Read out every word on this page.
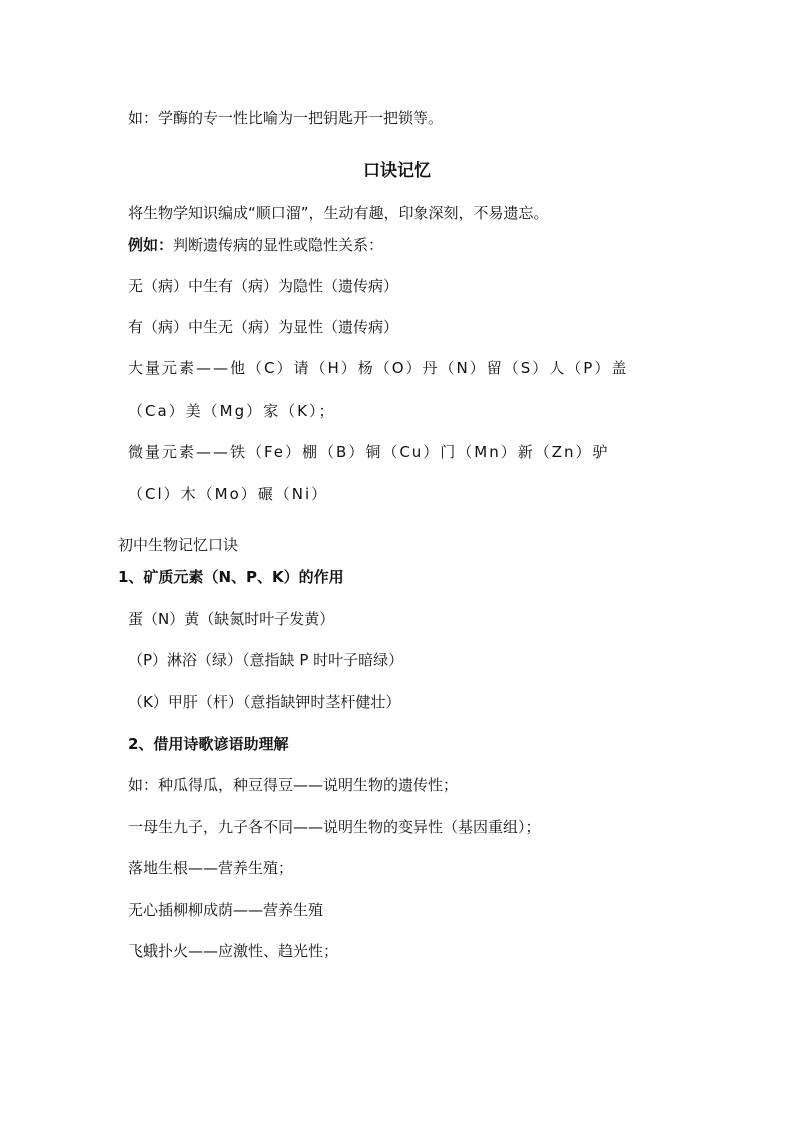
如：学酶的专一性比喻为一把钥匙开一把锁等。
口诀记忆
将生物学知识编成“顺口溜”，生动有趣，印象深刻，不易遗忘。
例如：判断遗传病的显性或隐性关系：
无（病）中生有（病）为隐性（遗传病）
有（病）中生无（病）为显性（遗传病）
大量元素——他（C）请（H）杨（O）丹（N）留（S）人（P）盖
（Ca）美（Mg）家（K）；
微量元素——铁（Fe）棚（B）铜（Cu）门（Mn）新（Zn）驴
（Cl）木（Mo）碾（Ni）
初中生物记忆口诀
1、矿质元素（N、P、K）的作用
蛋（N）黄（缺氮时叶子发黄）
（P）淋浴（绿）（意指缺 P 时叶子暗绿）
（K）甲肝（杆）（意指缺钾时茎杆健壮）
2、借用诗歌谚语助理解
如：种瓜得瓜，种豆得豆——说明生物的遗传性；
一母生九子，九子各不同——说明生物的变异性（基因重组）；
落地生根——营养生殖；
无心插柳柳成荫——营养生殖
飞蛾扑火——应激性、趋光性；
